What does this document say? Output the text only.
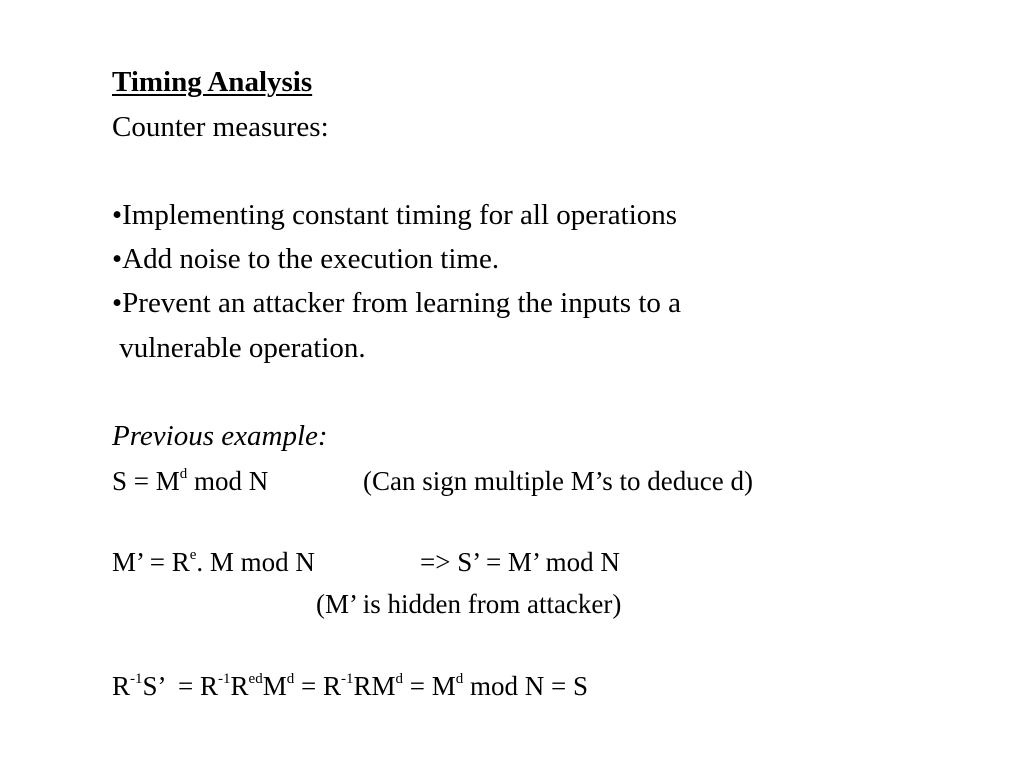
Timing Analysis
Counter measures:
•Implementing constant timing for all operations
•Add noise to the execution time.
•Prevent an attacker from learning the inputs to a
vulnerable operation.
Previous example:
$S = M^d$ mod N	(Can sign multiple M’s to deduce d)
M’ = $R^e$. M mod N	=> S’ = M’ mod N
(M’ is hidden from attacker)
$R^{-1}S$’  = $R^{-1}R^{ed}M^d = R^{-1}RM^d = M^d$ mod N = S
